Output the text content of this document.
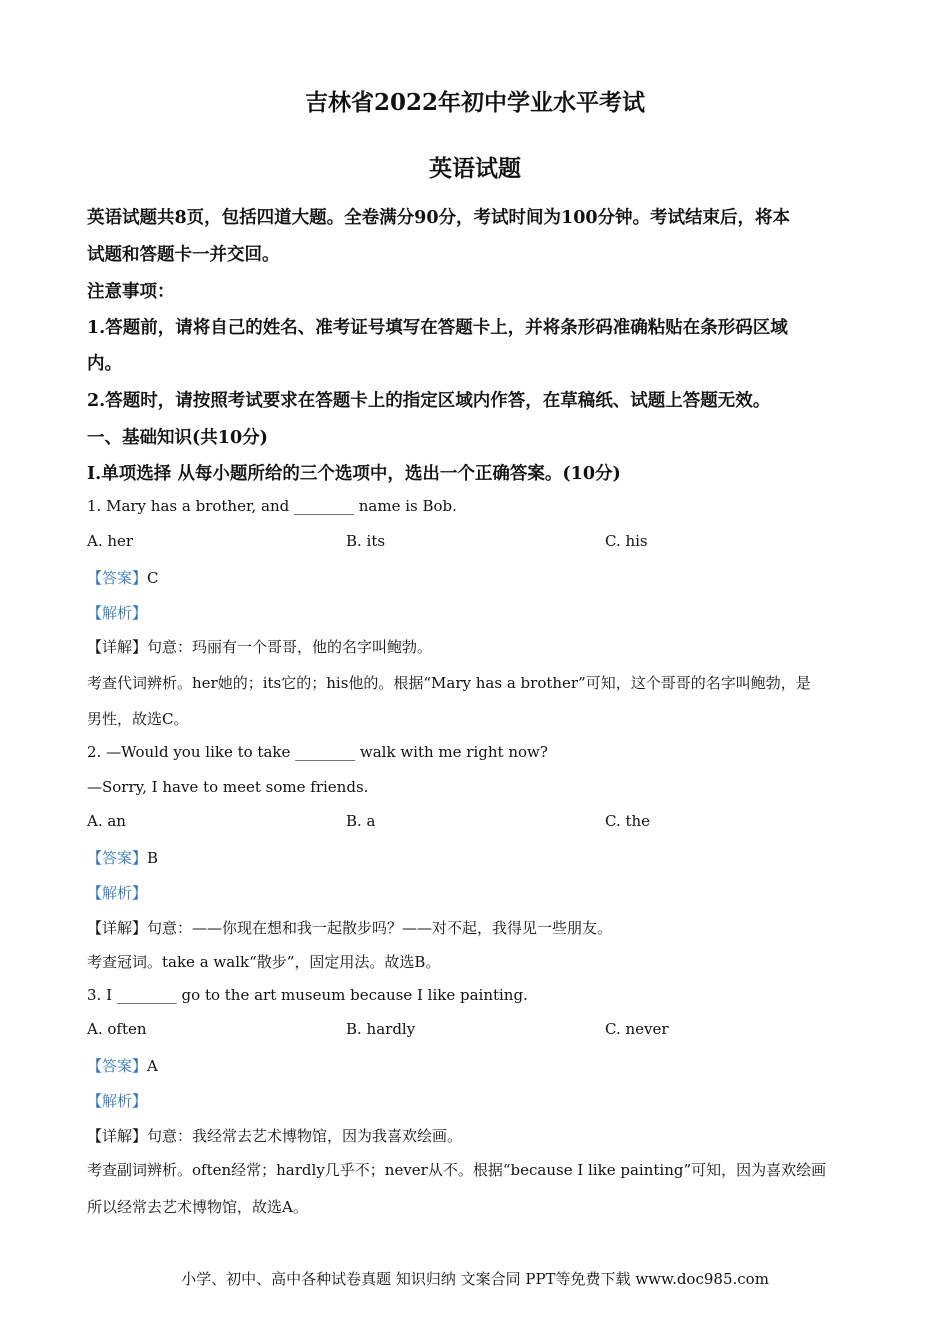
吉林省2022年初中学业水平考试
英语试题
英语试题共8页，包括四道大题。全卷满分90分，考试时间为100分钟。考试结束后，将本
试题和答题卡一并交回。
注意事项：
1.答题前，请将自己的姓名、准考证号填写在答题卡上，并将条形码准确粘贴在条形码区域
内。
2.答题时，请按照考试要求在答题卡上的指定区域内作答，在草稿纸、试题上答题无效。
一、基础知识(共10分)
I.单项选择 从每小题所给的三个选项中，选出一个正确答案。(10分)
1. Mary has a brother, and ________ name is Bob.
A. her	B. its	C. his
【答案】C
【解析】
【详解】句意：玛丽有一个哥哥，他的名字叫鲍勃。
考查代词辨析。her她的；its它的；his他的。根据“Mary has a brother”可知，这个哥哥的名字叫鲍勃，是
男性，故选C。
2. —Would you like to take ________ walk with me right now?
—Sorry, I have to meet some friends.
A. an	B. a	C. the
【答案】B
【解析】
【详解】句意：——你现在想和我一起散步吗？——对不起，我得见一些朋友。
考查冠词。take a walk“散步”，固定用法。故选B。
3. I ________ go to the art museum because I like painting.
A. often	B. hardly	C. never
【答案】A
【解析】
【详解】句意：我经常去艺术博物馆，因为我喜欢绘画。
考查副词辨析。often经常；hardly几乎不；never从不。根据“because I like painting”可知，因为喜欢绘画
所以经常去艺术博物馆，故选A。
小学、初中、高中各种试卷真题 知识归纳 文案合同 PPT等免费下载 www.doc985.com
